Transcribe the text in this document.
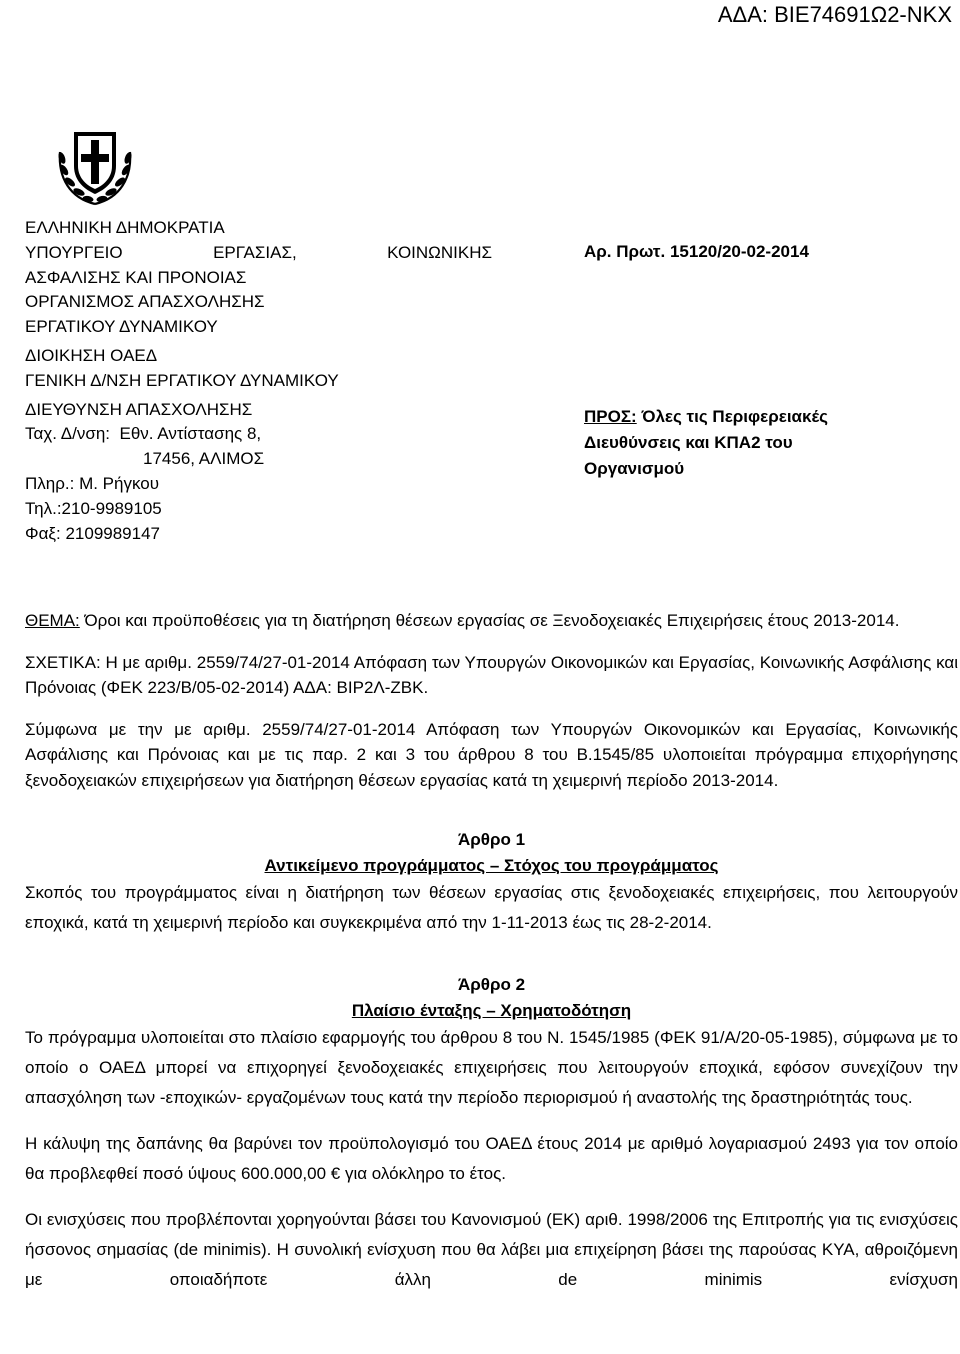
ΑΔΑ: ΒΙΕ74691Ω2-ΝΚΧ
ΕΛΛΗΝΙΚΗ ΔΗΜΟΚΡΑΤΙΑ
ΥΠΟΥΡΓΕΙΟ	ΕΡΓΑΣΙΑΣ,	ΚΟΙΝΩΝΙΚΗΣ
ΑΣΦΑΛΙΣΗΣ ΚΑΙ ΠΡΟΝΟΙΑΣ
ΟΡΓΑΝΙΣΜΟΣ ΑΠΑΣΧΟΛΗΣΗΣ
ΕΡΓΑΤΙΚΟΥ ΔΥΝΑΜΙΚΟΥ
ΔΙΟΙΚΗΣΗ ΟΑΕΔ
ΓΕΝΙΚΗ Δ/ΝΣΗ ΕΡΓΑΤΙΚΟΥ ΔΥΝΑΜΙΚΟΥ
ΔΙΕΥΘΥΝΣΗ ΑΠΑΣΧΟΛΗΣΗΣ
Ταχ. Δ/νση:
Εθν. Αντίστασης 8,
17456, ΑΛΙΜΟΣ
Πληρ.: Μ. Ρήγκου
Τηλ.:210-9989105
Φαξ: 2109989147
Αρ. Πρωτ. 15120/20-02-2014
ΠΡΟΣ: Όλες τις Περιφερειακές
Διευθύνσεις και ΚΠΑ2 του
Οργανισμού

ΘΕΜΑ: Όροι και προϋποθέσεις για τη διατήρηση θέσεων εργασίας σε Ξενοδοχειακές Επιχειρήσεις έτους 2013-2014.

ΣΧΕΤΙΚΑ: Η με αριθμ. 2559/74/27-01-2014 Απόφαση των Υπουργών Οικονομικών και Εργασίας, Κοινωνικής Ασφάλισης και Πρόνοιας (ΦΕΚ 223/Β/05-02-2014) ΑΔΑ: ΒΙΡ2Λ-ΖΒΚ.

Σύμφωνα με την με αριθμ. 2559/74/27-01-2014 Απόφαση των Υπουργών Οικονομικών και Εργασίας, Κοινωνικής Ασφάλισης και Πρόνοιας και με τις παρ. 2 και 3 του άρθρου 8 του Β.1545/85 υλοποιείται πρόγραμμα επιχορήγησης ξενοδοχειακών επιχειρήσεων για διατήρηση θέσεων εργασίας κατά τη χειμερινή περίοδο 2013-2014.

Άρθρο 1

Αντικείμενο προγράμματος – Στόχος του προγράμματος

Σκοπός του προγράμματος είναι η διατήρηση των θέσεων εργασίας στις ξενοδοχειακές επιχειρήσεις, που λειτουργούν εποχικά, κατά τη χειμερινή περίοδο και συγκεκριμένα από την 1-11-2013 έως τις 28-2-2014.

Άρθρο 2

Πλαίσιο ένταξης – Χρηματοδότηση

Το πρόγραμμα υλοποιείται στο πλαίσιο εφαρμογής του άρθρου 8 του Ν. 1545/1985 (ΦΕΚ 91/Α/20-05-1985), σύμφωνα με το οποίο ο ΟΑΕΔ μπορεί να επιχορηγεί ξενοδοχειακές επιχειρήσεις που λειτουργούν εποχικά, εφόσον συνεχίζουν την απασχόληση των -εποχικών- εργαζομένων τους κατά την περίοδο περιορισμού ή αναστολής της δραστηριότητάς τους.

Η κάλυψη της δαπάνης θα βαρύνει τον προϋπολογισμό του ΟΑΕΔ έτους 2014 με αριθμό λογαριασμού 2493 για τον οποίο θα προβλεφθεί ποσό ύψους 600.000,00 € για ολόκληρο το έτος.

Οι ενισχύσεις που προβλέπονται χορηγούνται βάσει του Κανονισμού (ΕΚ) αριθ. 1998/2006 της Επιτροπής για τις ενισχύσεις ήσσονος σημασίας (de minimis). Η συνολική ενίσχυση που θα λάβει μια επιχείρηση βάσει της παρούσας ΚΥΑ, αθροιζόμενη με οποιαδήποτε άλλη de minimis ενίσχυση
